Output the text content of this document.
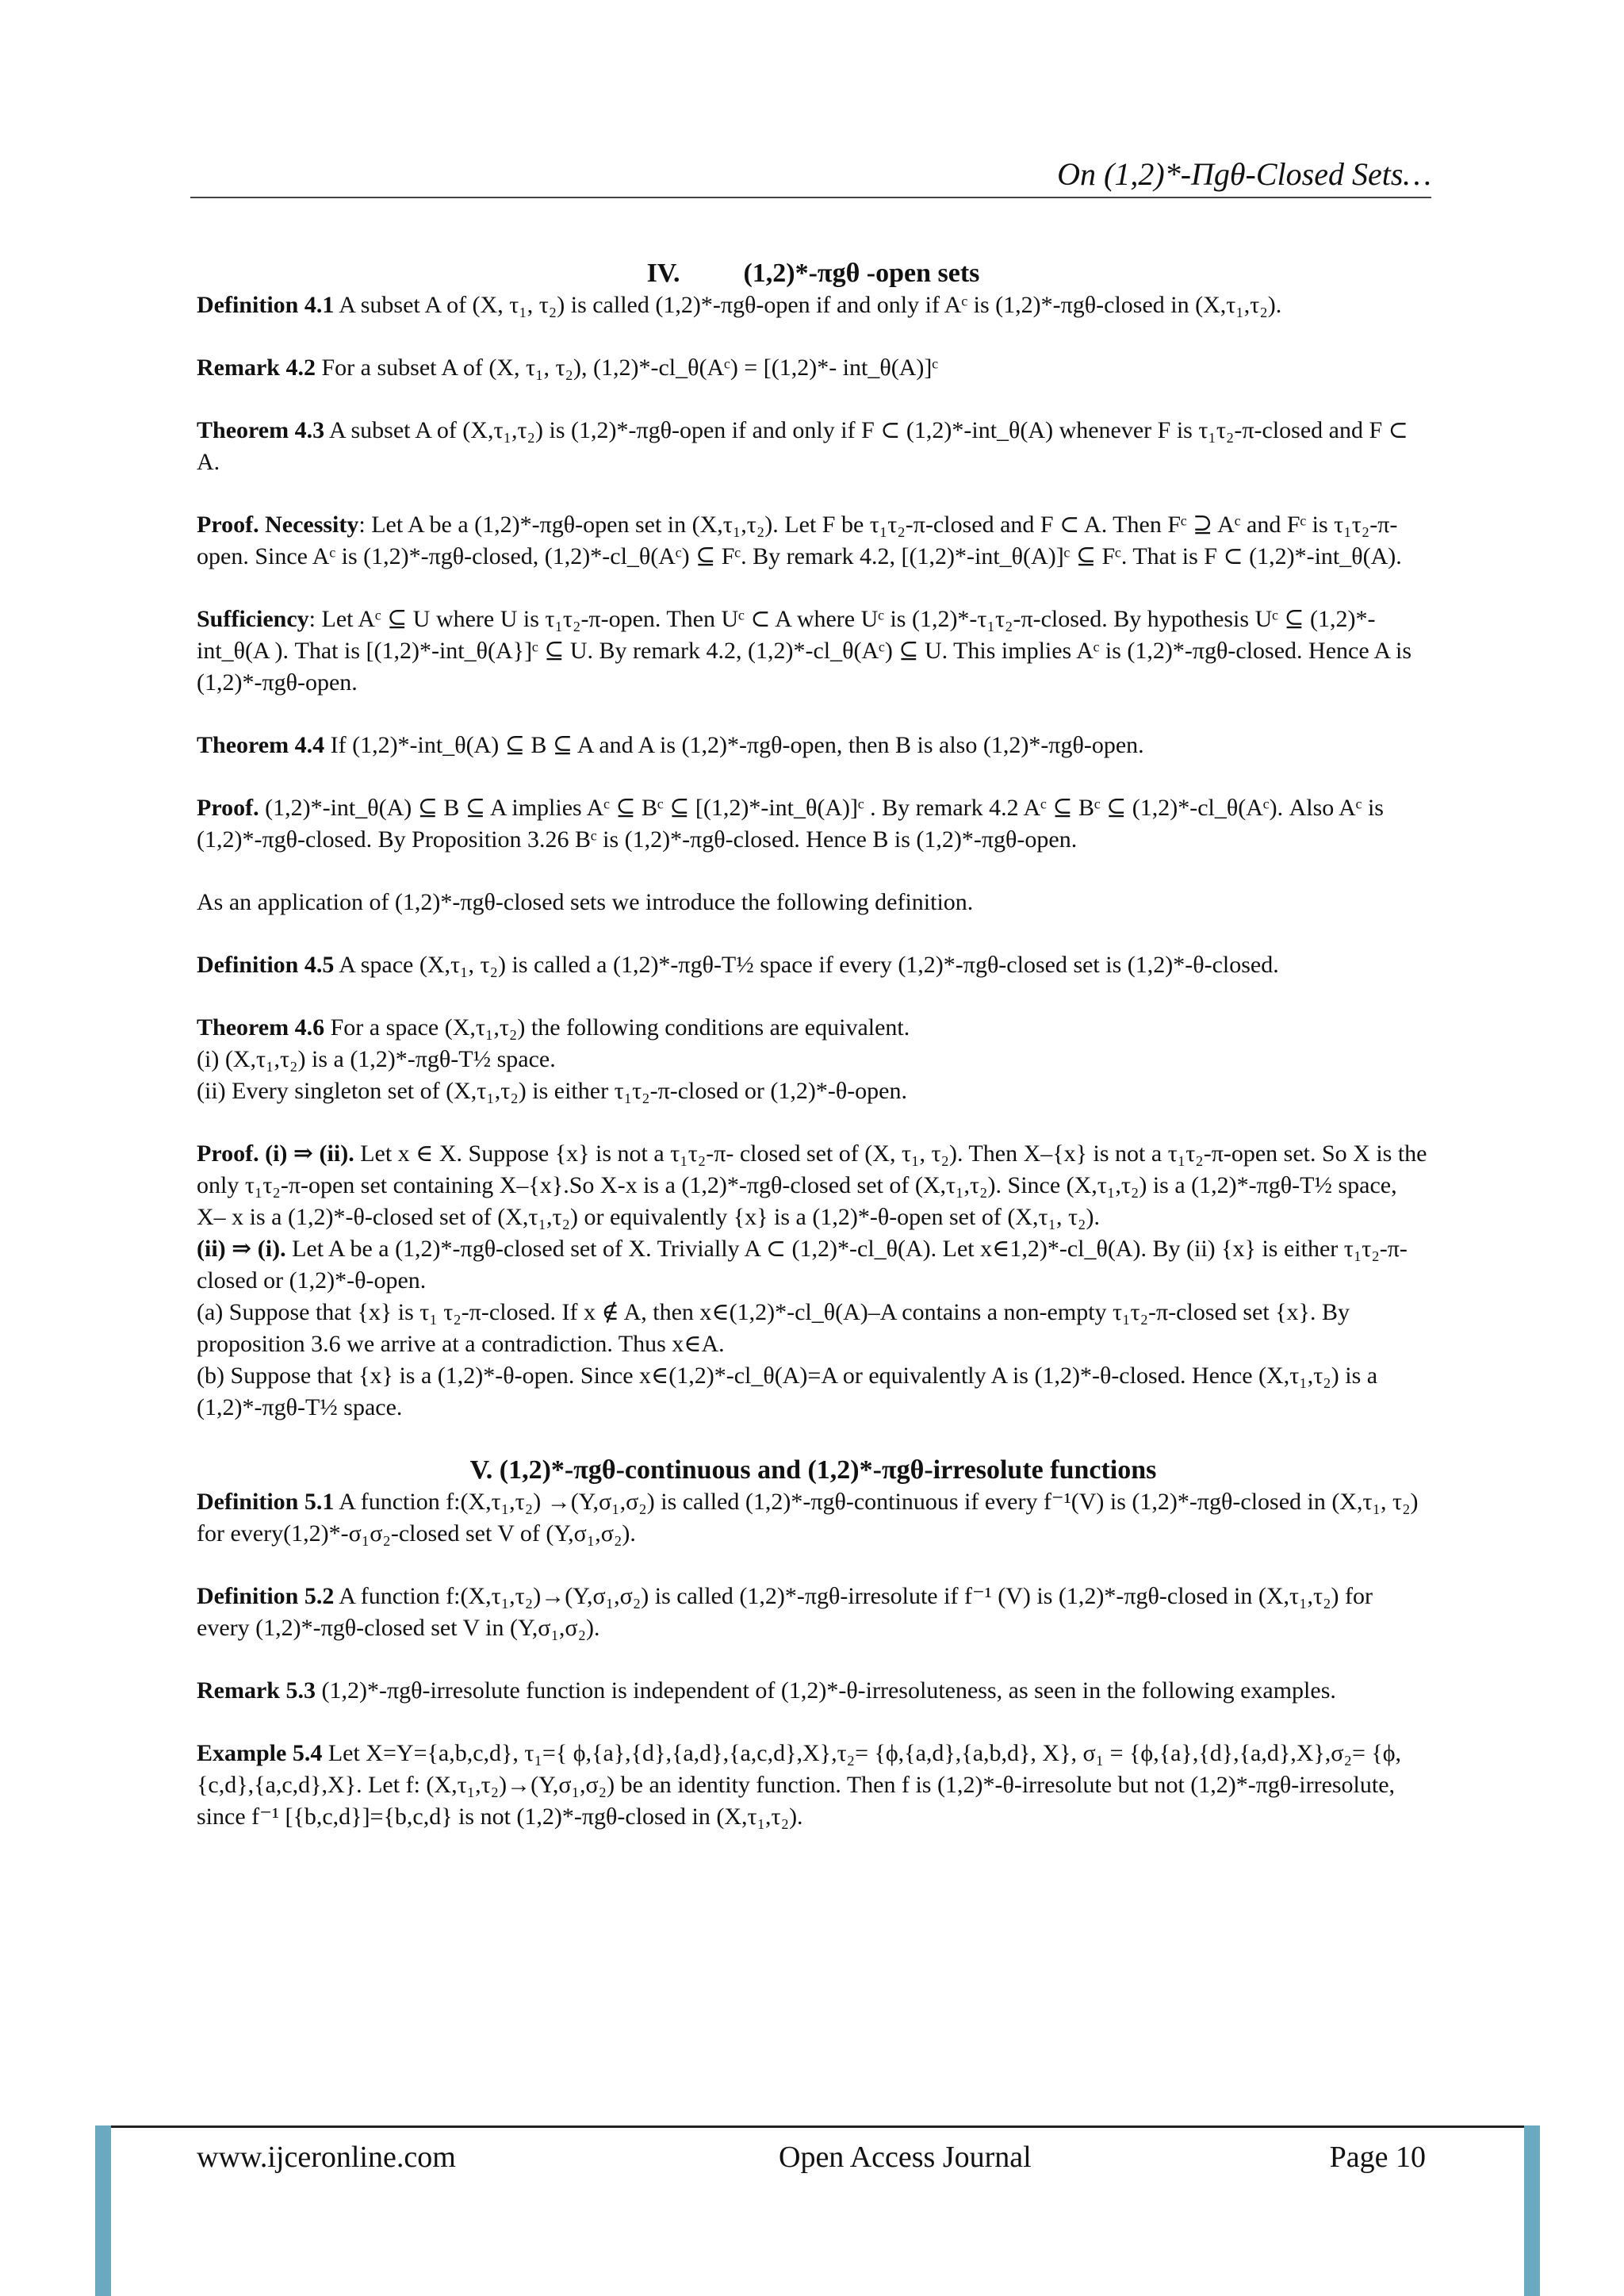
On (1,2)*-Πgθ-Closed Sets…
IV. (1,2)*-πgθ -open sets

Definition 4.1 A subset A of (X, τ₁, τ₂) is called (1,2)*-πgθ-open if and only if Aᶜ is (1,2)*-πgθ-closed in (X,τ₁,τ₂).

Remark 4.2 For a subset A of (X, τ₁, τ₂), (1,2)*-cl_θ(Aᶜ) = [(1,2)*- int_θ(A)]ᶜ

Theorem 4.3 A subset A of (X,τ₁,τ₂) is (1,2)*-πgθ-open if and only if F ⊂ (1,2)*-int_θ(A) whenever F is τ₁τ₂-π-closed and F ⊂ A.

Proof. Necessity: Let A be a (1,2)*-πgθ-open set in (X,τ₁,τ₂). Let F be τ₁τ₂-π-closed and F ⊂ A. Then Fᶜ ⊇ Aᶜ and Fᶜ is τ₁τ₂-π-open. Since Aᶜ is (1,2)*-πgθ-closed, (1,2)*-cl_θ(Aᶜ) ⊆ Fᶜ. By remark 4.2, [(1,2)*-int_θ(A)]ᶜ ⊆ Fᶜ. That is F ⊂ (1,2)*-int_θ(A).

Sufficiency: Let Aᶜ ⊆ U where U is τ₁τ₂-π-open. Then Uᶜ ⊂ A where Uᶜ is (1,2)*-τ₁τ₂-π-closed. By hypothesis Uᶜ ⊆ (1,2)*-int_θ(A ). That is [(1,2)*-int_θ(A}]ᶜ ⊆ U. By remark 4.2, (1,2)*-cl_θ(Aᶜ) ⊆ U. This implies Aᶜ is (1,2)*-πgθ-closed. Hence A is (1,2)*-πgθ-open.

Theorem 4.4 If (1,2)*-int_θ(A) ⊆ B ⊆ A and A is (1,2)*-πgθ-open, then B is also (1,2)*-πgθ-open.

Proof. (1,2)*-int_θ(A) ⊆ B ⊆ A implies Aᶜ ⊆ Bᶜ ⊆ [(1,2)*-int_θ(A)]ᶜ . By remark 4.2 Aᶜ ⊆ Bᶜ ⊆ (1,2)*-cl_θ(Aᶜ). Also Aᶜ is (1,2)*-πgθ-closed. By Proposition 3.26 Bᶜ is (1,2)*-πgθ-closed. Hence B is (1,2)*-πgθ-open.

As an application of (1,2)*-πgθ-closed sets we introduce the following definition.

Definition 4.5 A space (X,τ₁, τ₂) is called a (1,2)*-πgθ-T½ space if every (1,2)*-πgθ-closed set is (1,2)*-θ-closed.

Theorem 4.6 For a space (X,τ₁,τ₂) the following conditions are equivalent.

(i) (X,τ₁,τ₂) is a (1,2)*-πgθ-T½ space.

(ii) Every singleton set of (X,τ₁,τ₂) is either τ₁τ₂-π-closed or (1,2)*-θ-open.

Proof. (i) ⇒ (ii). Let x ∈ X. Suppose {x} is not a τ₁τ₂-π- closed set of (X, τ₁, τ₂). Then X–{x} is not a τ₁τ₂-π-open set. So X is the only τ₁τ₂-π-open set containing X–{x}.So X-x is a (1,2)*-πgθ-closed set of (X,τ₁,τ₂). Since (X,τ₁,τ₂) is a (1,2)*-πgθ-T½ space, X– x is a (1,2)*-θ-closed set of (X,τ₁,τ₂) or equivalently {x} is a (1,2)*-θ-open set of (X,τ₁, τ₂).

(ii) ⇒ (i). Let A be a (1,2)*-πgθ-closed set of X. Trivially A ⊂ (1,2)*-cl_θ(A). Let x∈1,2)*-cl_θ(A). By (ii) {x} is either τ₁τ₂-π-closed or (1,2)*-θ-open.

(a) Suppose that {x} is τ₁ τ₂-π-closed. If x ∉ A, then x∈(1,2)*-cl_θ(A)–A contains a non-empty τ₁τ₂-π-closed set {x}. By proposition 3.6 we arrive at a contradiction. Thus x∈A.

(b) Suppose that {x} is a (1,2)*-θ-open. Since x∈(1,2)*-cl_θ(A)=A or equivalently A is (1,2)*-θ-closed. Hence (X,τ₁,τ₂) is a (1,2)*-πgθ-T½ space.

V. (1,2)*-πgθ-continuous and (1,2)*-πgθ-irresolute functions

Definition 5.1 A function f:(X,τ₁,τ₂) →(Y,σ₁,σ₂) is called (1,2)*-πgθ-continuous if every f⁻¹(V) is (1,2)*-πgθ-closed in (X,τ₁, τ₂) for every(1,2)*-σ₁σ₂-closed set V of (Y,σ₁,σ₂).

Definition 5.2 A function f:(X,τ₁,τ₂)→(Y,σ₁,σ₂) is called (1,2)*-πgθ-irresolute if f⁻¹ (V) is (1,2)*-πgθ-closed in (X,τ₁,τ₂) for every (1,2)*-πgθ-closed set V in (Y,σ₁,σ₂).

Remark 5.3 (1,2)*-πgθ-irresolute function is independent of (1,2)*-θ-irresoluteness, as seen in the following examples.

Example 5.4 Let X=Y={a,b,c,d}, τ₁={ ϕ,{a},{d},{a,d},{a,c,d},X},τ₂= {ϕ,{a,d},{a,b,d}, X}, σ₁ = {ϕ,{a},{d},{a,d},X},σ₂= {ϕ,{c,d},{a,c,d},X}. Let f: (X,τ₁,τ₂)→(Y,σ₁,σ₂) be an identity function. Then f is (1,2)*-θ-irresolute but not (1,2)*-πgθ-irresolute, since f⁻¹ [{b,c,d}]={b,c,d} is not (1,2)*-πgθ-closed in (X,τ₁,τ₂).

www.ijceronline.com	Open Access Journal	Page 10
